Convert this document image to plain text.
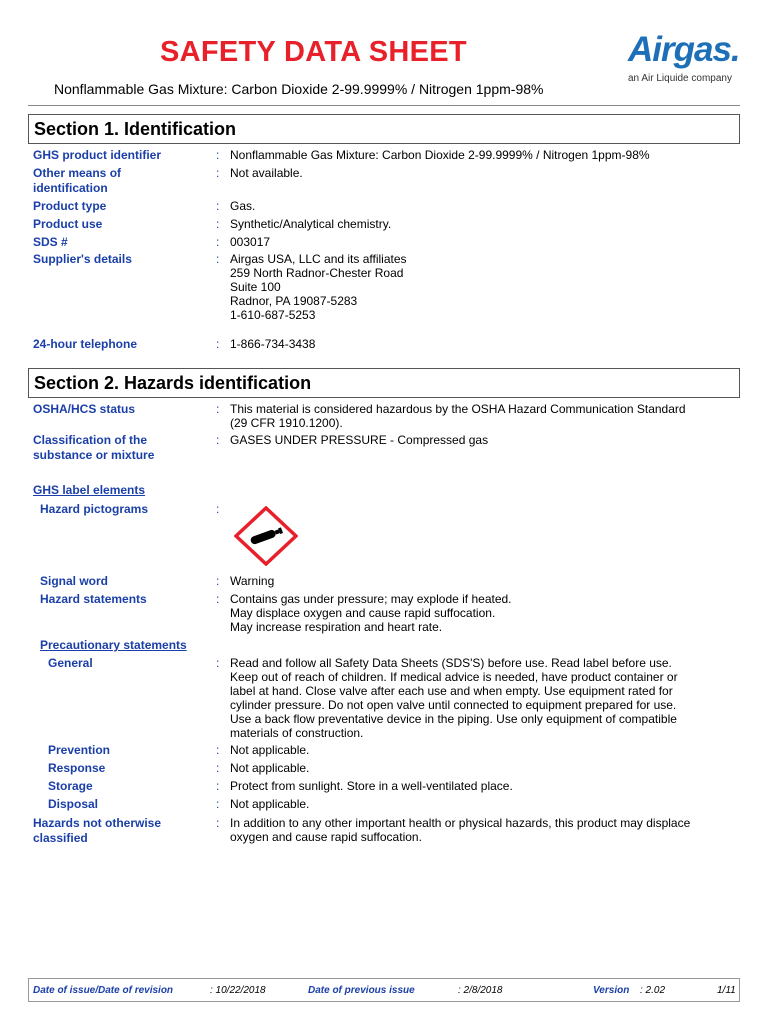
SAFETY DATA SHEET
Nonflammable Gas Mixture: Carbon Dioxide 2-99.9999% / Nitrogen 1ppm-98%
Airgas.
an Air Liquide company
Section 1. Identification
GHS product identifier	: Nonflammable Gas Mixture: Carbon Dioxide 2-99.9999% / Nitrogen 1ppm-98%
Other means of identification
: Not available.
Product type	: Gas.
Product use	: Synthetic/Analytical chemistry.
SDS #	: 003017
Supplier's details	: Airgas USA, LLC and its affiliates
259 North Radnor-Chester Road
Suite 100
Radnor, PA 19087-5283
1-610-687-5253
24-hour telephone	: 1-866-734-3438
Section 2. Hazards identification
OSHA/HCS status	: This material is considered hazardous by the OSHA Hazard Communication Standard
(29 CFR 1910.1200).
Classification of the substance or mixture
: GASES UNDER PRESSURE - Compressed gas
GHS label elements
Hazard pictograms	:
Signal word	: Warning
Hazard statements	: Contains gas under pressure; may explode if heated.
May displace oxygen and cause rapid suffocation.
May increase respiration and heart rate.
Precautionary statements
General	: Read and follow all Safety Data Sheets (SDS'S) before use. Read label before use.
Keep out of reach of children. If medical advice is needed, have product container or
label at hand. Close valve after each use and when empty. Use equipment rated for
cylinder pressure. Do not open valve until connected to equipment prepared for use.
Use a back flow preventative device in the piping. Use only equipment of compatible
materials of construction.
Prevention	: Not applicable.
Response	: Not applicable.
Storage	: Protect from sunlight. Store in a well-ventilated place.
Disposal	: Not applicable.
Hazards not otherwise classified
: In addition to any other important health or physical hazards, this product may displace
oxygen and cause rapid suffocation.
Date of issue/Date of revision	: 10/22/2018	Date of previous issue	: 2/8/2018	Version : 2.02	1/11
